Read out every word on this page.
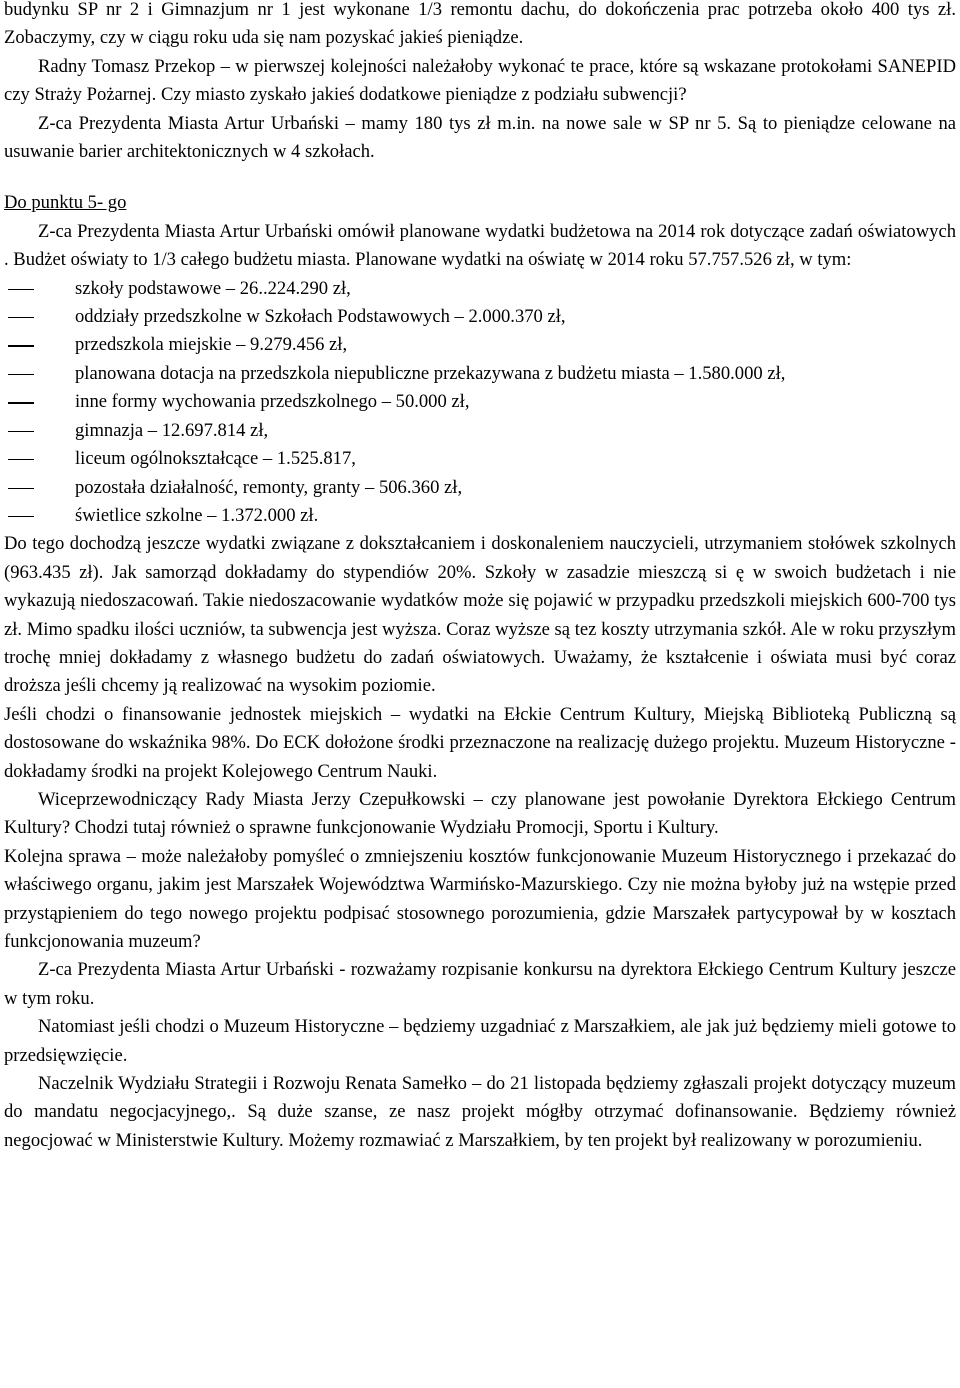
budynku SP nr 2 i Gimnazjum nr 1 jest wykonane 1/3 remontu dachu, do dokończenia prac potrzeba około 400 tys zł. Zobaczymy, czy w ciągu roku uda się nam pozyskać jakieś pieniądze.

Radny Tomasz Przekop – w pierwszej kolejności należałoby wykonać te prace, które są wskazane protokołami SANEPID czy Straży Pożarnej. Czy miasto zyskało jakieś dodatkowe pieniądze z podziału subwencji?

Z-ca Prezydenta Miasta Artur Urbański – mamy 180 tys zł m.in. na nowe sale w SP nr 5. Są to pieniądze celowane na usuwanie barier architektonicznych w 4 szkołach.

Do punktu 5- go

Z-ca Prezydenta Miasta Artur Urbański omówił planowane wydatki budżetowa na 2014 rok dotyczące zadań oświatowych . Budżet oświaty to 1/3 całego budżetu miasta. Planowane wydatki na oświatę w 2014 roku 57.757.526 zł, w tym:

szkoły podstawowe – 26..224.290 zł,
oddziały przedszkolne w Szkołach Podstawowych – 2.000.370 zł,
przedszkola miejskie – 9.279.456 zł,
planowana dotacja na przedszkola niepubliczne przekazywana z budżetu miasta – 1.580.000 zł,
inne formy wychowania przedszkolnego – 50.000 zł,
gimnazja – 12.697.814 zł,
liceum ogólnokształcące – 1.525.817,
pozostała działalność, remonty, granty – 506.360 zł,
świetlice szkolne – 1.372.000 zł.

Do tego dochodzą jeszcze wydatki związane z dokształcaniem i doskonaleniem nauczycieli, utrzymaniem stołówek szkolnych (963.435 zł). Jak samorząd dokładamy do stypendiów 20%. Szkoły w zasadzie mieszczą si ę w swoich budżetach i nie wykazują niedoszacowań. Takie niedoszacowanie wydatków może się pojawić w przypadku przedszkoli miejskich 600-700 tys zł. Mimo spadku ilości uczniów, ta subwencja jest wyższa. Coraz wyższe są tez koszty utrzymania szkół. Ale w roku przyszłym trochę mniej dokładamy z własnego budżetu do zadań oświatowych. Uważamy, że kształcenie i oświata musi być coraz droższa jeśli chcemy ją realizować na wysokim poziomie.

Jeśli chodzi o finansowanie jednostek miejskich – wydatki na Ełckie Centrum Kultury, Miejską Biblioteką Publiczną są dostosowane do wskaźnika 98%. Do ECK dołożone środki przeznaczone na realizację dużego projektu. Muzeum Historyczne - dokładamy środki na projekt Kolejowego Centrum Nauki.

Wiceprzewodniczący Rady Miasta Jerzy Czepułkowski – czy planowane jest powołanie Dyrektora Ełckiego Centrum Kultury? Chodzi tutaj również o sprawne funkcjonowanie Wydziału Promocji, Sportu i Kultury.

Kolejna sprawa – może należałoby pomyśleć o zmniejszeniu kosztów funkcjonowanie Muzeum Historycznego i przekazać do właściwego organu, jakim jest Marszałek Województwa Warmińsko-Mazurskiego. Czy nie można byłoby już na wstępie przed przystąpieniem do tego nowego projektu podpisać stosownego porozumienia, gdzie Marszałek partycypował by w kosztach funkcjonowania muzeum?

Z-ca Prezydenta Miasta Artur Urbański - rozważamy rozpisanie konkursu na dyrektora Ełckiego Centrum Kultury jeszcze w tym roku.

Natomiast jeśli chodzi o Muzeum Historyczne – będziemy uzgadniać z Marszałkiem, ale jak już będziemy mieli gotowe to przedsięwzięcie.

Naczelnik Wydziału Strategii i Rozwoju Renata Samełko – do 21 listopada będziemy zgłaszali projekt dotyczący muzeum do mandatu negocjacyjnego,. Są duże szanse, ze nasz projekt mógłby otrzymać dofinansowanie. Będziemy również negocjować w Ministerstwie Kultury. Możemy rozmawiać z Marszałkiem, by ten projekt był realizowany w porozumieniu.
